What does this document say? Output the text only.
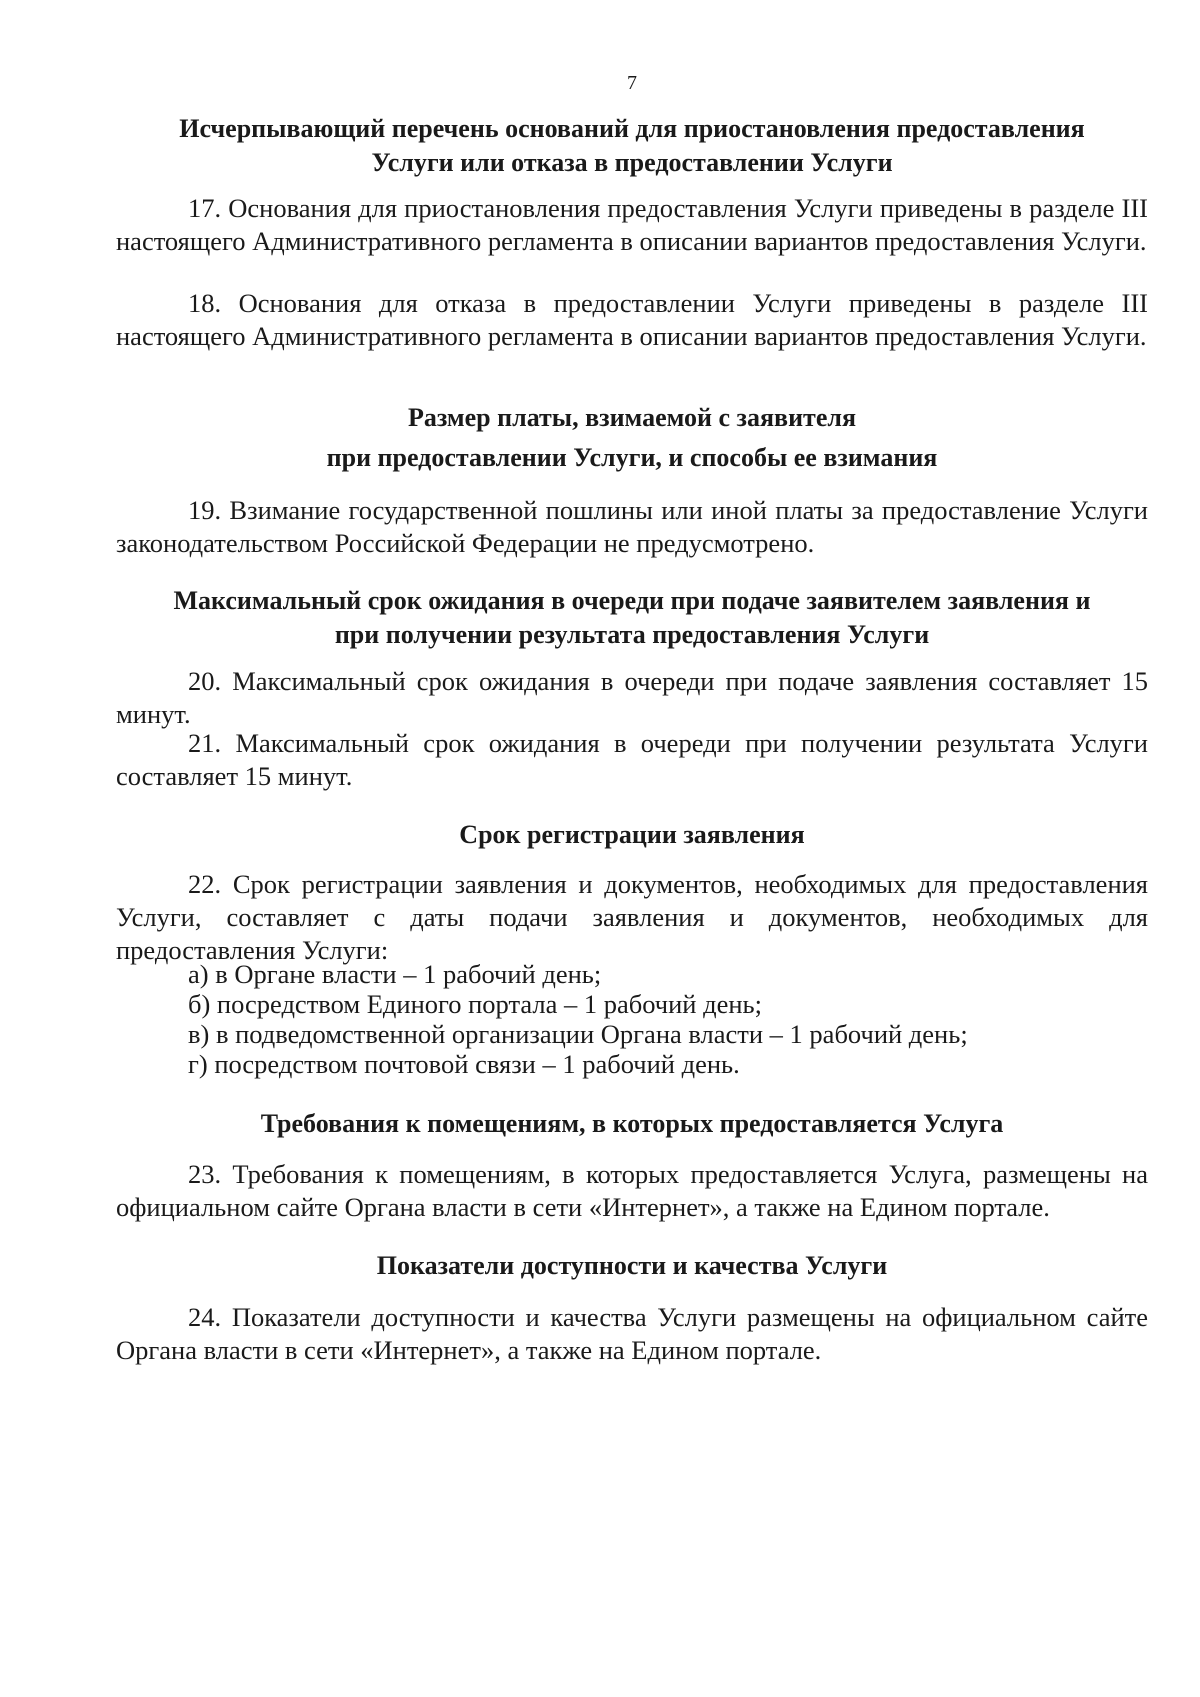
7
Исчерпывающий перечень оснований для приостановления предоставления
Услуги или отказа в предоставлении Услуги
17. Основания для приостановления предоставления Услуги приведены в разделе III настоящего Административного регламента в описании вариантов предоставления Услуги.
18. Основания для отказа в предоставлении Услуги приведены в разделе III настоящего Административного регламента в описании вариантов предоставления Услуги.
Размер платы, взимаемой с заявителя
при предоставлении Услуги, и способы ее взимания
19. Взимание государственной пошлины или иной платы за предоставление Услуги законодательством Российской Федерации не предусмотрено.
Максимальный срок ожидания в очереди при подаче заявителем заявления и
при получении результата предоставления Услуги
20. Максимальный срок ожидания в очереди при подаче заявления составляет 15 минут.
21. Максимальный срок ожидания в очереди при получении результата Услуги составляет 15 минут.
Срок регистрации заявления
22. Срок регистрации заявления и документов, необходимых для предоставления Услуги, составляет с даты подачи заявления и документов, необходимых для предоставления Услуги:
а) в Органе власти – 1 рабочий день;
б) посредством Единого портала – 1 рабочий день;
в) в подведомственной организации Органа власти – 1 рабочий день;
г) посредством почтовой связи – 1 рабочий день.
Требования к помещениям, в которых предоставляется Услуга
23. Требования к помещениям, в которых предоставляется Услуга, размещены на официальном сайте Органа власти в сети «Интернет», а также на Едином портале.
Показатели доступности и качества Услуги
24. Показатели доступности и качества Услуги размещены на официальном сайте Органа власти в сети «Интернет», а также на Едином портале.
